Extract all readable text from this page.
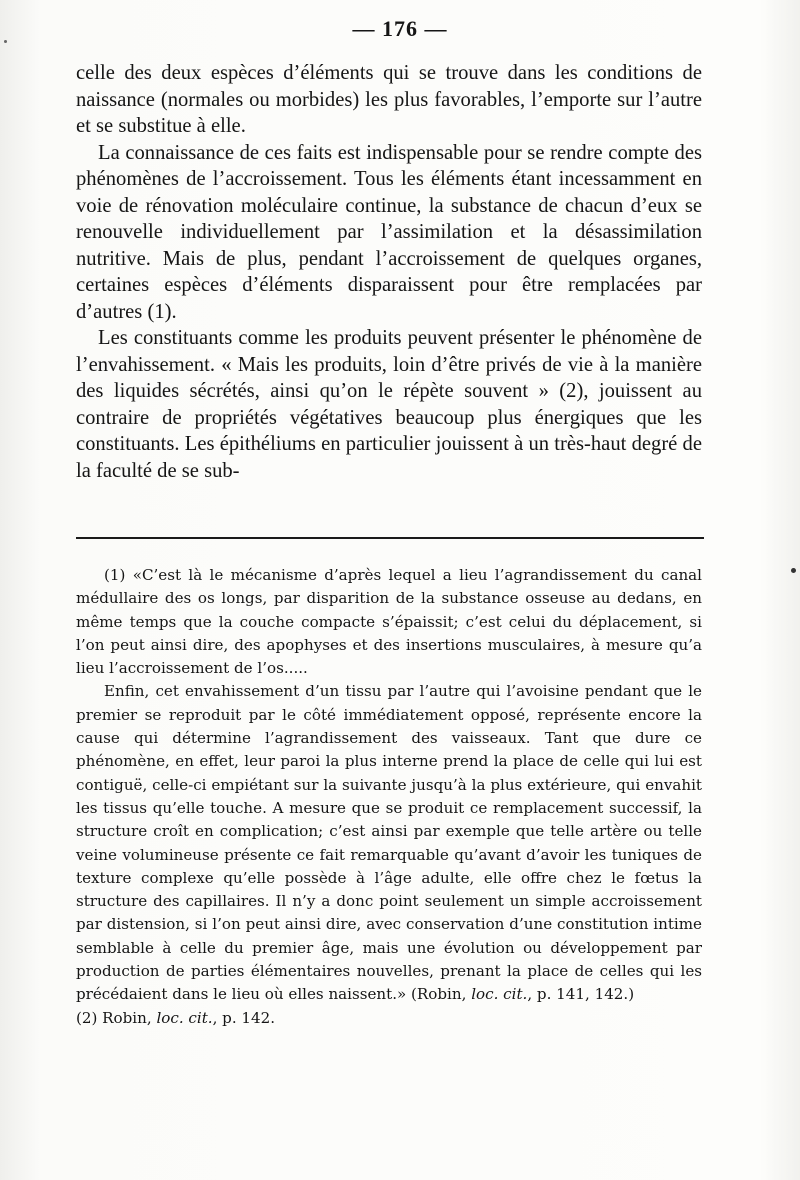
— 176 —

celle des deux espèces d’éléments qui se trouve dans les conditions de naissance (normales ou morbides) les plus favorables, l’emporte sur l’autre et se substitue à elle.

La connaissance de ces faits est indispensable pour se rendre compte des phénomènes de l’accroissement. Tous les éléments étant incessamment en voie de rénovation moléculaire continue, la substance de chacun d’eux se renouvelle individuellement par l’assimilation et la désassimilation nutritive. Mais de plus, pendant l’accroissement de quelques organes, certaines espèces d’éléments disparaissent pour être remplacées par d’autres (1).

Les constituants comme les produits peuvent présenter le phénomène de l’envahissement. « Mais les produits, loin d’être privés de vie à la manière des liquides sécrétés, ainsi qu’on le répète souvent » (2), jouissent au contraire de propriétés végétatives beaucoup plus énergiques que les constituants. Les épithéliums en particulier jouissent à un très-haut degré de la faculté de se sub-

(1) «C’est là le mécanisme d’après lequel a lieu l’agrandissement du canal médullaire des os longs, par disparition de la substance osseuse au dedans, en même temps que la couche compacte s’épaissit; c’est celui du déplacement, si l’on peut ainsi dire, des apophyses et des insertions musculaires, à mesure qu’a lieu l’accroissement de l’os.....

Enfin, cet envahissement d’un tissu par l’autre qui l’avoisine pendant que le premier se reproduit par le côté immédiatement opposé, représente encore la cause qui détermine l’agrandissement des vaisseaux. Tant que dure ce phénomène, en effet, leur paroi la plus interne prend la place de celle qui lui est contiguë, celle-ci empiétant sur la suivante jusqu’à la plus extérieure, qui envahit les tissus qu’elle touche. A mesure que se produit ce remplacement successif, la structure croît en complication; c’est ainsi par exemple que telle artère ou telle veine volumineuse présente ce fait remarquable qu’avant d’avoir les tuniques de texture complexe qu’elle possède à l’âge adulte, elle offre chez le fœtus la structure des capillaires. Il n’y a donc point seulement un simple accroissement par distension, si l’on peut ainsi dire, avec conservation d’une constitution intime semblable à celle du premier âge, mais une évolution ou développement par production de parties élémentaires nouvelles, prenant la place de celles qui les précédaient dans le lieu où elles naissent.» (Robin, loc. cit., p. 141, 142.)

(2) Robin, loc. cit., p. 142.
